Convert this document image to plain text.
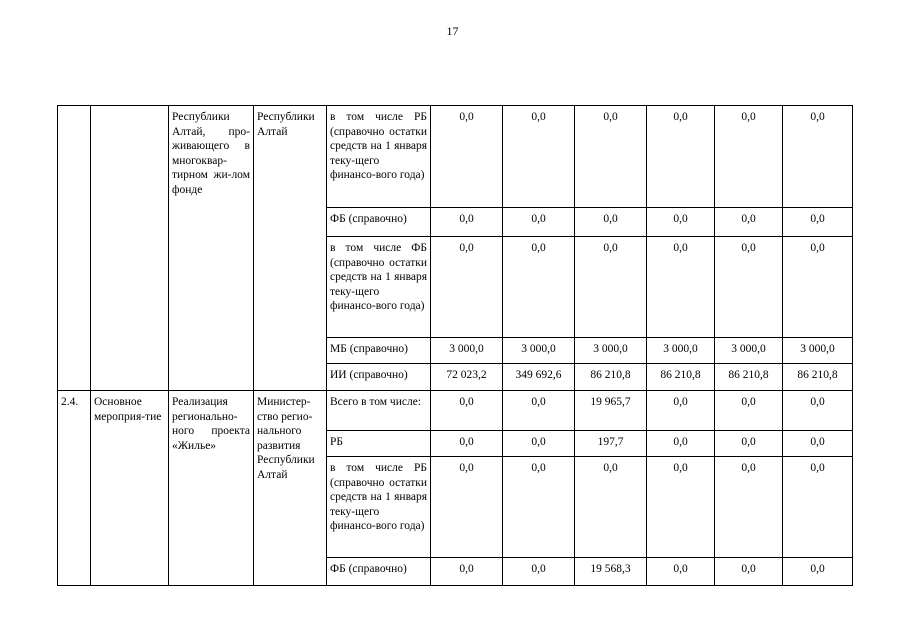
17
		Республики Алтай, про-живающего в многоквар-тирном жи-лом фонде	Республики Алтай	в том числе РБ (справочно остатки средств на 1 января теку-щего финансо-вого года)	0,0	0,0	0,0	0,0	0,0	0,0
				ФБ (справочно)	0,0	0,0	0,0	0,0	0,0	0,0
				в том числе ФБ (справочно остатки средств на 1 января теку-щего финансо-вого года)	0,0	0,0	0,0	0,0	0,0	0,0
				МБ (справочно)	3 000,0	3 000,0	3 000,0	3 000,0	3 000,0	3 000,0
				ИИ (справочно)	72 023,2	349 692,6	86 210,8	86 210,8	86 210,8	86 210,8
2.4.	Основное мероприя-тие	Реализация регионально-ного проекта «Жилье»	Министер-ство регио-нального развития Республики Алтай	Всего в том числе:	0,0	0,0	19 965,7	0,0	0,0	0,0
				РБ	0,0	0,0	197,7	0,0	0,0	0,0
				в том числе РБ (справочно остатки средств на 1 января теку-щего финансо-вого года)	0,0	0,0	0,0	0,0	0,0	0,0
				ФБ (справочно)	0,0	0,0	19 568,3	0,0	0,0	0,0
